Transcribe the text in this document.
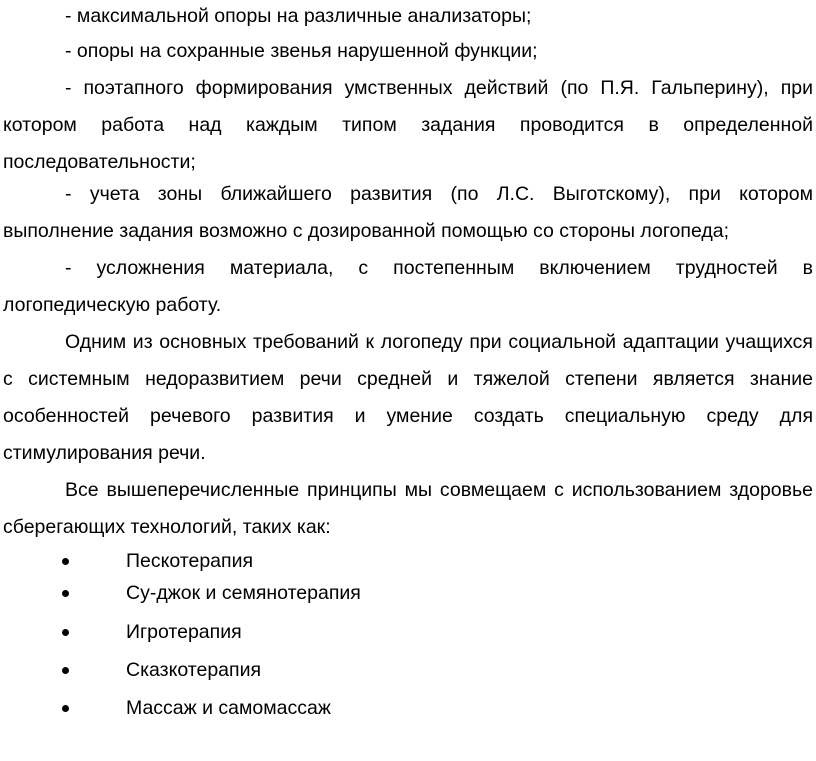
- максимальной опоры на различные анализаторы;

- опоры на сохранные звенья нарушенной функции;

- поэтапного формирования умственных действий (по П.Я. Гальперину), при котором работа над каждым типом задания проводится в определенной последовательности;

- учета зоны ближайшего развития (по Л.С. Выготскому), при котором выполнение задания возможно с дозированной помощью со стороны логопеда;

- усложнения материала, с постепенным включением трудностей в логопедическую работу.

Одним из основных требований к логопеду при социальной адаптации учащихся с системным недоразвитием речи средней и тяжелой степени является знание особенностей речевого развития и умение создать специальную среду для стимулирования речи.

Все вышеперечисленные принципы мы совмещаем с использованием здоровье сберегающих технологий, таких как:

Пескотерапия
Су-джок и семянотерапия
Игротерапия
Сказкотерапия
Массаж и самомассаж
